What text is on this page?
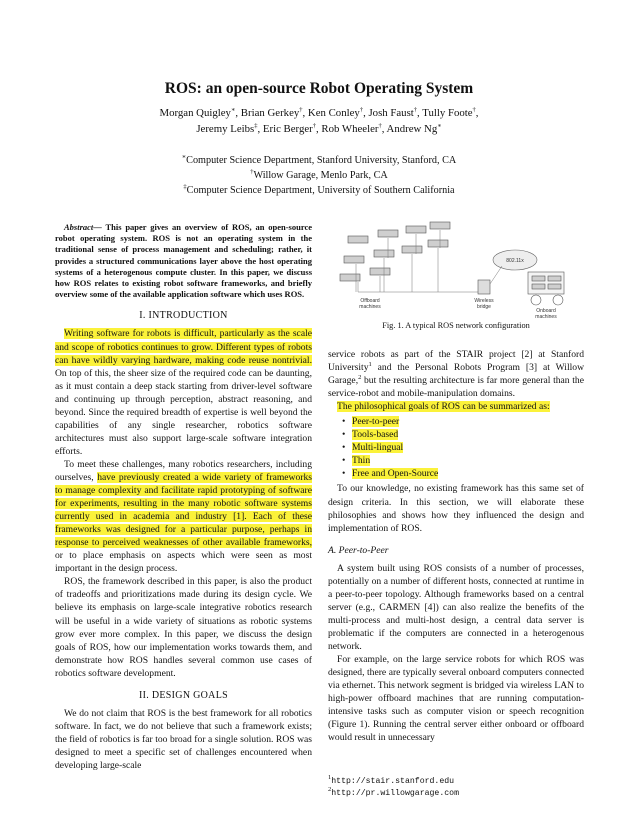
ROS: an open-source Robot Operating System
Morgan Quigley∗, Brian Gerkey†, Ken Conley†, Josh Faust†, Tully Foote†,
Jeremy Leibs‡, Eric Berger†, Rob Wheeler†, Andrew Ng∗
∗Computer Science Department, Stanford University, Stanford, CA
†Willow Garage, Menlo Park, CA
‡Computer Science Department, University of Southern California
802.11x
Offboard
machines
Wireless
bridge
Onboard
machines
Fig. 1. A typical ROS network configuration

Abstract— This paper gives an overview of ROS, an open-source robot operating system. ROS is not an operating system in the traditional sense of process management and scheduling; rather, it provides a structured communications layer above the host operating systems of a heterogenous compute cluster. In this paper, we discuss how ROS relates to existing robot software frameworks, and briefly overview some of the available application software which uses ROS.

I. INTRODUCTION

Writing software for robots is difficult, particularly as the scale and scope of robotics continues to grow. Different types of robots can have wildly varying hardware, making code reuse nontrivial. On top of this, the sheer size of the required code can be daunting, as it must contain a deep stack starting from driver-level software and continuing up through perception, abstract reasoning, and beyond. Since the required breadth of expertise is well beyond the capabilities of any single researcher, robotics software architectures must also support large-scale software integration efforts.

To meet these challenges, many robotics researchers, including ourselves, have previously created a wide variety of frameworks to manage complexity and facilitate rapid prototyping of software for experiments, resulting in the many robotic software systems currently used in academia and industry [1]. Each of these frameworks was designed for a particular purpose, perhaps in response to perceived weaknesses of other available frameworks, or to place emphasis on aspects which were seen as most important in the design process.

ROS, the framework described in this paper, is also the product of tradeoffs and prioritizations made during its design cycle. We believe its emphasis on large-scale integrative robotics research will be useful in a wide variety of situations as robotic systems grow ever more complex. In this paper, we discuss the design goals of ROS, how our implementation works towards them, and demonstrate how ROS handles several common use cases of robotics software development.

II. DESIGN GOALS

We do not claim that ROS is the best framework for all robotics software. In fact, we do not believe that such a framework exists; the field of robotics is far too broad for a single solution. ROS was designed to meet a specific set of challenges encountered when developing large-scale

service robots as part of the STAIR project [2] at Stanford University$^1$ and the Personal Robots Program [3] at Willow Garage,$^2$ but the resulting architecture is far more general than the service-robot and mobile-manipulation domains.

The philosophical goals of ROS can be summarized as:

• Peer-to-peer
• Tools-based
• Multi-lingual
• Thin
• Free and Open-Source

To our knowledge, no existing framework has this same set of design criteria. In this section, we will elaborate these philosophies and shows how they influenced the design and implementation of ROS.

A. Peer-to-Peer

A system built using ROS consists of a number of processes, potentially on a number of different hosts, connected at runtime in a peer-to-peer topology. Although frameworks based on a central server (e.g., CARMEN [4]) can also realize the benefits of the multi-process and multi-host design, a central data server is problematic if the computers are connected in a heterogenous network.

For example, on the large service robots for which ROS was designed, there are typically several onboard computers connected via ethernet. This network segment is bridged via wireless LAN to high-power offboard machines that are running computation-intensive tasks such as computer vision or speech recognition (Figure 1). Running the central server either onboard or offboard would result in unnecessary

$^1$http://stair.stanford.edu
$^2$http://pr.willowgarage.com
